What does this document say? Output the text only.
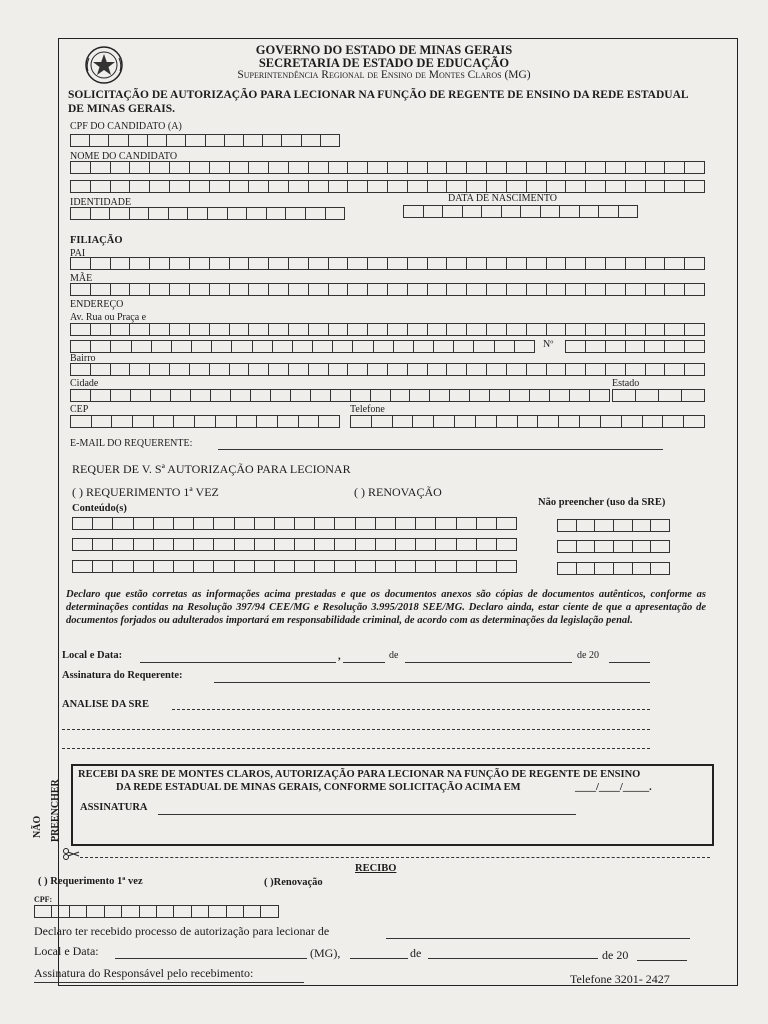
GOVERNO DO ESTADO DE MINAS GERAIS
SECRETARIA DE ESTADO DE EDUCAÇÃO
Superintendência Regional de Ensino de Montes Claros (MG)
SOLICITAÇÃO DE AUTORIZAÇÃO PARA LECIONAR NA FUNÇÃO DE REGENTE DE ENSINO DA REDE ESTADUAL
DE MINAS GERAIS.
CPF DO CANDIDATO (A)
NOME DO CANDIDATO
IDENTIDADE	DATA DE NASCIMENTO
FILIAÇÃO
PAI
MÃE
ENDEREÇO
Av. Rua ou Praça e
Nº
Bairro
Cidade	Estado
CEP	Telefone
E-MAIL DO REQUERENTE:
REQUER DE V. Sª AUTORIZAÇÃO PARA LECIONAR
( ) REQUERIMENTO 1ª VEZ	( ) RENOVAÇÃO
Não preencher (uso da SRE)
Conteúdo(s)
Declaro que estão corretas as informações acima prestadas e que os documentos anexos são cópias de documentos autênticos, conforme as determinações contidas na Resolução 397/94 CEE/MG e Resolução 3.995/2018 SEE/MG. Declaro ainda, estar ciente de que a apresentação de documentos forjados ou adulterados importará em responsabilidade criminal, de acordo com as determinações da legislação penal.
Local e Data:	,	de	de 20
Assinatura do Requerente:
ANALISE DA SRE
NÃO PREENCHER
RECEBI DA SRE DE MONTES CLAROS, AUTORIZAÇÃO PARA LECIONAR NA FUNÇÃO DE REGENTE DE ENSINO
DA REDE ESTADUAL DE MINAS GERAIS, CONFORME SOLICITAÇÃO ACIMA EM	____/____/_____.
ASSINATURA
RECIBO
( ) Requerimento 1ª vez	( )Renovação
CPF:
Declaro ter recebido processo de autorização para lecionar de
Local e Data:	(MG),	de	de 20
Assinatura do Responsável pelo recebimento:	Telefone 3201- 2427
